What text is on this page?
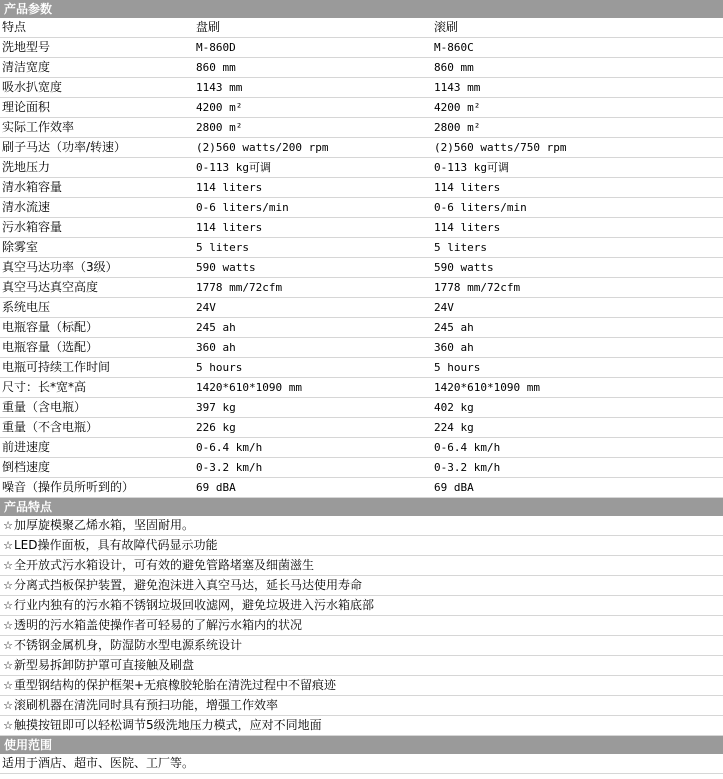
产品参数
特点	盘刷	滚刷
洗地型号	M-860D	M-860C
清洁宽度	860 mm	860 mm
吸水扒宽度	1143 mm	1143 mm
理论面积	4200 m²	4200 m²
实际工作效率	2800 m²	2800 m²
刷子马达（功率/转速）	(2)560 watts/200 rpm	(2)560 watts/750 rpm
洗地压力	0-113 kg可调	0-113 kg可调
清水箱容量	114 liters	114 liters
清水流速	0-6 liters/min	0-6 liters/min
污水箱容量	114 liters	114 liters
除雾室	5 liters	5 liters
真空马达功率（3级）	590 watts	590 watts
真空马达真空高度	1778 mm/72cfm	1778 mm/72cfm
系统电压	24V	24V
电瓶容量（标配）	245 ah	245 ah
电瓶容量（选配）	360 ah	360 ah
电瓶可持续工作时间	5 hours	5 hours
尺寸：长*宽*高	1420*610*1090 mm	1420*610*1090 mm
重量（含电瓶）	397 kg	402 kg
重量（不含电瓶）	226 kg	224 kg
前进速度	0-6.4 km/h	0-6.4 km/h
倒档速度	0-3.2 km/h	0-3.2 km/h
噪音（操作员所听到的）	69 dBA	69 dBA
产品特点
☆加厚旋模聚乙烯水箱，坚固耐用。
☆LED操作面板，具有故障代码显示功能
☆全开放式污水箱设计，可有效的避免管路堵塞及细菌滋生
☆分离式挡板保护装置，避免泡沫进入真空马达，延长马达使用寿命
☆行业内独有的污水箱不锈钢垃圾回收滤网，避免垃圾进入污水箱底部
☆透明的污水箱盖使操作者可轻易的了解污水箱内的状况
☆不锈钢金属机身，防湿防水型电源系统设计
☆新型易拆卸防护罩可直接触及刷盘
☆重型钢结构的保护框架+无痕橡胶轮胎在清洗过程中不留痕迹
☆滚刷机器在清洗同时具有预扫功能，增强工作效率
☆触摸按钮即可以轻松调节5级洗地压力模式，应对不同地面
使用范围
适用于酒店、超市、医院、工厂等。
